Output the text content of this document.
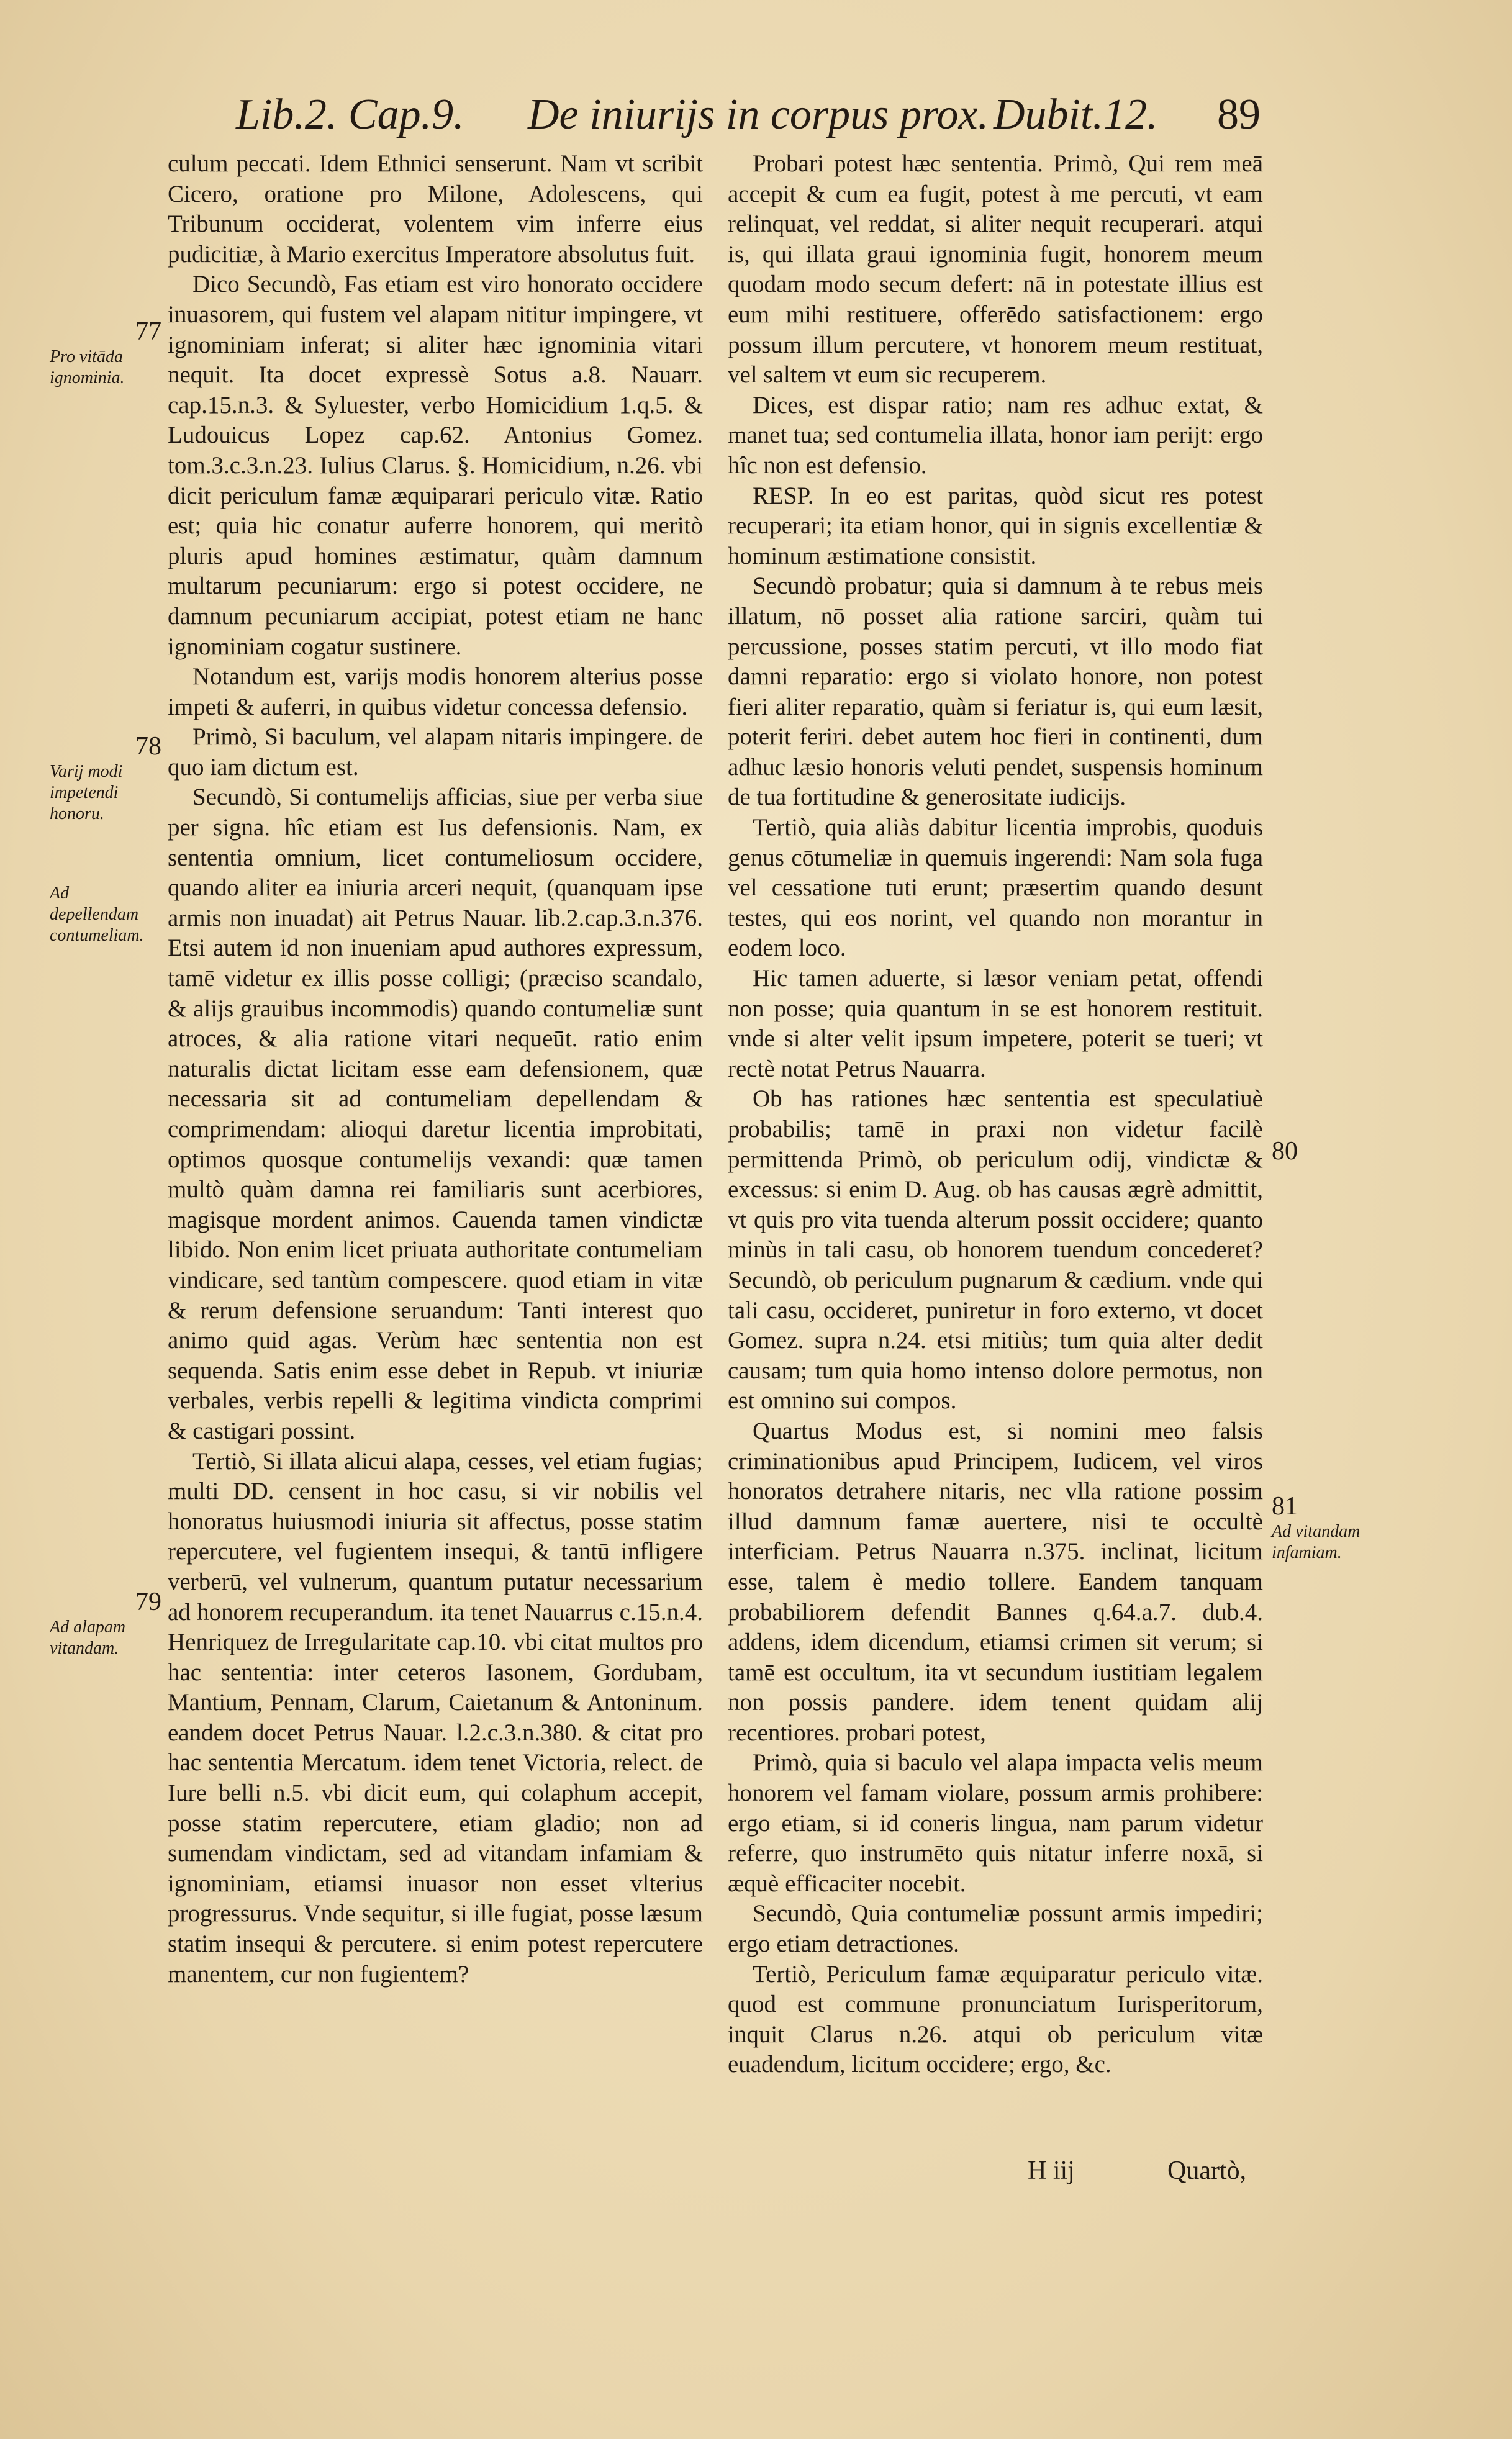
Lib.2. Cap.9. De iniurijs in corpus prox. Dubit.12. 89

culum peccati. Idem Ethnici senserunt. Nam vt scribit Cicero, oratione pro Milone, Adolescens, qui Tribunum occiderat, volentem vim inferre eius pudicitiæ, à Mario exercitus Imperatore absolutus fuit.

Dico Secundò, Fas etiam est viro honorato occidere inuasorem, qui fustem vel alapam nititur impingere, vt ignominiam inferat; si aliter hæc ignominia vitari nequit. Ita docet expressè Sotus a.8. Nauarr. cap.15.n.3. & Syluester, verbo Homicidium 1.q.5. & Ludouicus Lopez cap.62. Antonius Gomez. tom.3.c.3.n.23. Iulius Clarus. §. Homicidium, n.26. vbi dicit periculum famæ æquiparari periculo vitæ. Ratio est; quia hic conatur auferre honorem, qui meritò pluris apud homines æstimatur, quàm damnum multarum pecuniarum: ergo si potest occidere, ne damnum pecuniarum accipiat, potest etiam ne hanc ignominiam cogatur sustinere.

Notandum est, varijs modis honorem alterius posse impeti & auferri, in quibus videtur concessa defensio.

Primò, Si baculum, vel alapam nitaris impingere. de quo iam dictum est.

Secundò, Si contumelijs afficias, siue per verba siue per signa. hîc etiam est Ius defensionis. Nam, ex sententia omnium, licet contumeliosum occidere, quando aliter ea iniuria arceri nequit, (quanquam ipse armis non inuadat) ait Petrus Nauar. lib.2.cap.3.n.376. Etsi autem id non inueniam apud authores expressum, tamē videtur ex illis posse colligi; (præciso scandalo, & alijs grauibus incommodis) quando contumeliæ sunt atroces, & alia ratione vitari nequeūt. ratio enim naturalis dictat licitam esse eam defensionem, quæ necessaria sit ad contumeliam depellendam & comprimendam: alioqui daretur licentia improbitati, optimos quosque contumelijs vexandi: quæ tamen multò quàm damna rei familiaris sunt acerbiores, magisque mordent animos. Cauenda tamen vindictæ libido. Non enim licet priuata authoritate contumeliam vindicare, sed tantùm compescere. quod etiam in vitæ & rerum defensione seruandum: Tanti interest quo animo quid agas. Verùm hæc sententia non est sequenda. Satis enim esse debet in Repub. vt iniuriæ verbales, verbis repelli & legitima vindicta comprimi & castigari possint.

Tertiò, Si illata alicui alapa, cesses, vel etiam fugias; multi DD. censent in hoc casu, si vir nobilis vel honoratus huiusmodi iniuria sit affectus, posse statim repercutere, vel fugientem insequi, & tantū infligere verberū, vel vulnerum, quantum putatur necessarium ad honorem recuperandum. ita tenet Nauarrus c.15.n.4. Henriquez de Irregularitate cap.10. vbi citat multos pro hac sententia: inter ceteros Iasonem, Gordubam, Mantium, Pennam, Clarum, Caietanum & Antoninum. eandem docet Petrus Nauar. l.2.c.3.n.380. & citat pro hac sententia Mercatum. idem tenet Victoria, relect. de Iure belli n.5. vbi dicit eum, qui colaphum accepit, posse statim repercutere, etiam gladio; non ad sumendam vindictam, sed ad vitandam infamiam & ignominiam, etiamsi inuasor non esset vlterius progressurus. Vnde sequitur, si ille fugiat, posse læsum statim insequi & percutere. si enim potest repercutere manentem, cur non fugientem?

Probari potest hæc sententia. Primò, Qui rem meā accepit & cum ea fugit, potest à me percuti, vt eam relinquat, vel reddat, si aliter nequit recuperari. atqui is, qui illata graui ignominia fugit, honorem meum quodam modo secum defert: nā in potestate illius est eum mihi restituere, offerēdo satisfactionem: ergo possum illum percutere, vt honorem meum restituat, vel saltem vt eum sic recuperem.

Dices, est dispar ratio; nam res adhuc extat, & manet tua; sed contumelia illata, honor iam perijt: ergo hîc non est defensio.

RESP. In eo est paritas, quòd sicut res potest recuperari; ita etiam honor, qui in signis excellentiæ & hominum æstimatione consistit.

Secundò probatur; quia si damnum à te rebus meis illatum, nō posset alia ratione sarciri, quàm tui percussione, posses statim percuti, vt illo modo fiat damni reparatio: ergo si violato honore, non potest fieri aliter reparatio, quàm si feriatur is, qui eum læsit, poterit feriri. debet autem hoc fieri in continenti, dum adhuc læsio honoris veluti pendet, suspensis hominum de tua fortitudine & generositate iudicijs.

Tertiò, quia aliàs dabitur licentia improbis, quoduis genus cōtumeliæ in quemuis ingerendi: Nam sola fuga vel cessatione tuti erunt; præsertim quando desunt testes, qui eos norint, vel quando non morantur in eodem loco.

Hic tamen aduerte, si læsor veniam petat, offendi non posse; quia quantum in se est honorem restituit. vnde si alter velit ipsum impetere, poterit se tueri; vt rectè notat Petrus Nauarra.

Ob has rationes hæc sententia est speculatiuè probabilis; tamē in praxi non videtur facilè permittenda Primò, ob periculum odij, vindictæ & excessus: si enim D. Aug. ob has causas ægrè admittit, vt quis pro vita tuenda alterum possit occidere; quanto minùs in tali casu, ob honorem tuendum concederet? Secundò, ob periculum pugnarum & cædium. vnde qui tali casu, occideret, puniretur in foro externo, vt docet Gomez. supra n.24. etsi mitiùs; tum quia alter dedit causam; tum quia homo intenso dolore permotus, non est omnino sui compos.

Quartus Modus est, si nomini meo falsis criminationibus apud Principem, Iudicem, vel viros honoratos detrahere nitaris, nec vlla ratione possim illud damnum famæ auertere, nisi te occultè interficiam. Petrus Nauarra n.375. inclinat, licitum esse, talem è medio tollere. Eandem tanquam probabiliorem defendit Bannes q.64.a.7. dub.4. addens, idem dicendum, etiamsi crimen sit verum; si tamē est occultum, ita vt secundum iustitiam legalem non possis pandere. idem tenent quidam alij recentiores. probari potest,

Primò, quia si baculo vel alapa impacta velis meum honorem vel famam violare, possum armis prohibere: ergo etiam, si id coneris lingua, nam parum videtur referre, quo instrumēto quis nitatur inferre noxā, si æquè efficaciter nocebit.

Secundò, Quia contumeliæ possunt armis impediri; ergo etiam detractiones.

Tertiò, Periculum famæ æquiparatur periculo vitæ. quod est commune pronunciatum Iurisperitorum, inquit Clarus n.26. atqui ob periculum vitæ euadendum, licitum occidere; ergo, &c.

77
Pro vitāda ignominia.
78
Varij modi impetendi honoru.
Ad depellendam contumeliam.
79
Ad alapam vitandam.
80
81
Ad vitandam infamiam.
H iij	Quartò,
